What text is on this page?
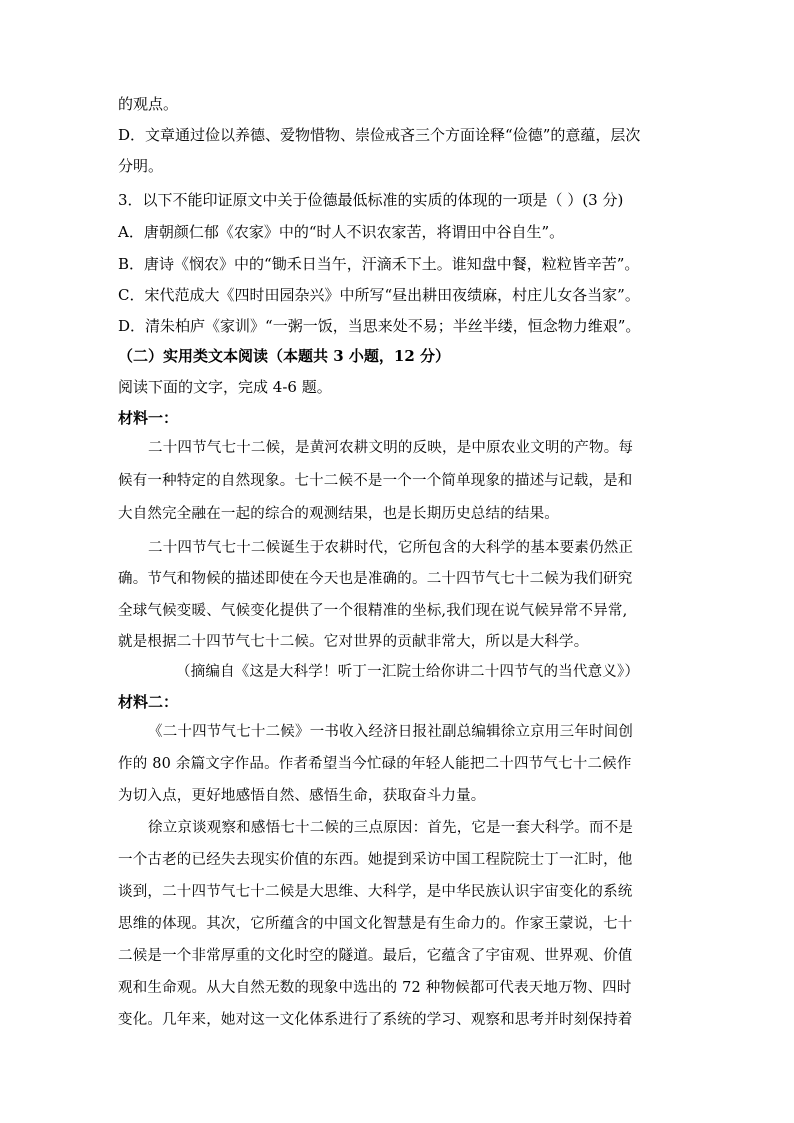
的观点。
D．文章通过俭以养德、爱物惜物、崇俭戒吝三个方面诠释“俭德”的意蕴，层次
分明。
3．以下不能印证原文中关于俭德最低标准的实质的体现的一项是（ ）(3 分)
A．唐朝颜仁郁《农家》中的“时人不识农家苦，将谓田中谷自生”。
B．唐诗《悯农》中的“锄禾日当午，汗滴禾下土。谁知盘中餐，粒粒皆辛苦”。
C．宋代范成大《四时田园杂兴》中所写“昼出耕田夜绩麻，村庄儿女各当家”。
D．清朱柏庐《家训》“一粥一饭，当思来处不易；半丝半缕，恒念物力维艰”。
（二）实用类文本阅读（本题共 3 小题，12 分）
阅读下面的文字，完成 4-6 题。
材料一：
二十四节气七十二候，是黄河农耕文明的反映，是中原农业文明的产物。每
候有一种特定的自然现象。七十二候不是一个一个简单现象的描述与记载，是和
大自然完全融在一起的综合的观测结果，也是长期历史总结的结果。
二十四节气七十二候诞生于农耕时代，它所包含的大科学的基本要素仍然正
确。节气和物候的描述即使在今天也是准确的。二十四节气七十二候为我们研究
全球气候变暖、气候变化提供了一个很精准的坐标,我们现在说气候异常不异常,
就是根据二十四节气七十二候。它对世界的贡献非常大，所以是大科学。
（摘编自《这是大科学！听丁一汇院士给你讲二十四节气的当代意义》）
材料二：
《二十四节气七十二候》一书收入经济日报社副总编辑徐立京用三年时间创
作的 80 余篇文字作品。作者希望当今忙碌的年轻人能把二十四节气七十二候作
为切入点，更好地感悟自然、感悟生命，获取奋斗力量。
徐立京谈观察和感悟七十二候的三点原因：首先，它是一套大科学。而不是
一个古老的已经失去现实价值的东西。她提到采访中国工程院院士丁一汇时，他
谈到，二十四节气七十二候是大思维、大科学，是中华民族认识宇宙变化的系统
思维的体现。其次，它所蕴含的中国文化智慧是有生命力的。作家王蒙说，七十
二候是一个非常厚重的文化时空的隧道。最后，它蕴含了宇宙观、世界观、价值
观和生命观。从大自然无数的现象中选出的 72 种物候都可代表天地万物、四时
变化。几年来，她对这一文化体系进行了系统的学习、观察和思考并时刻保持着
